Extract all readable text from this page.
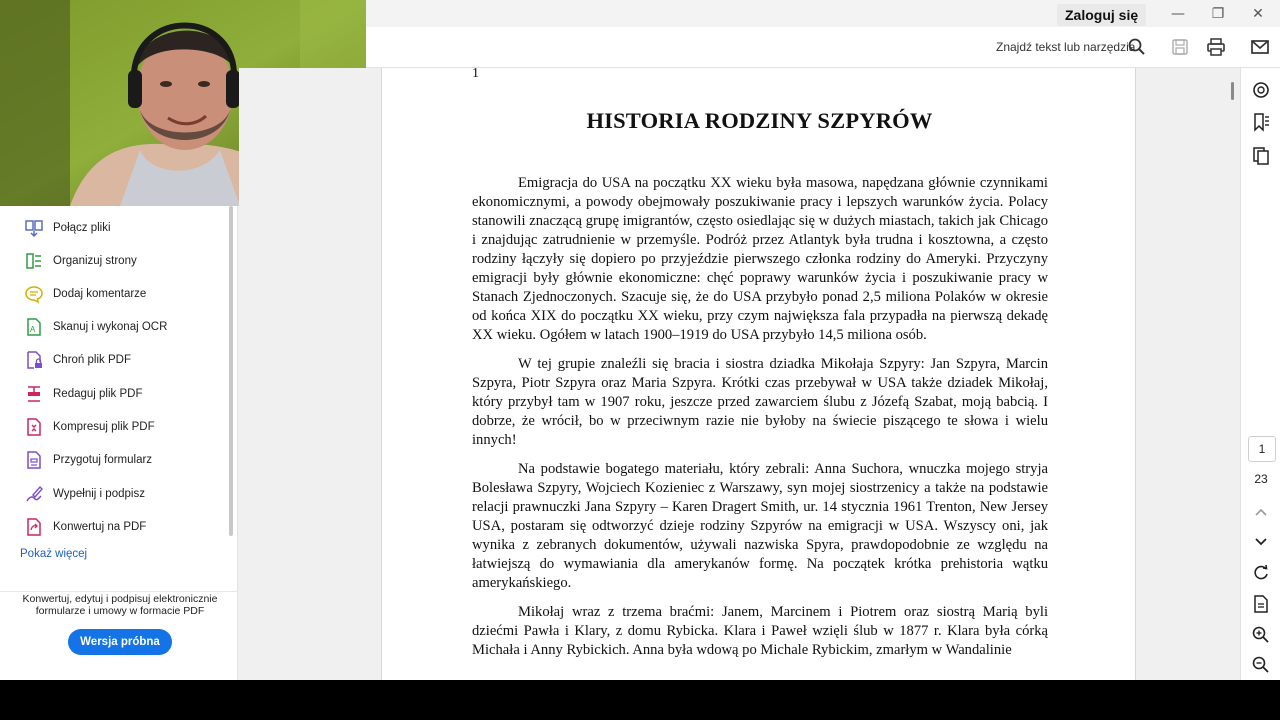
Zaloguj się	—	❐	✕
Znajdź tekst lub narzędzia
Połącz pliki
Organizuj strony
Dodaj komentarze
A Skanuj i wykonaj OCR
Chroń plik PDF
Redaguj plik PDF
Kompresuj plik PDF
Przygotuj formularz
Wypełnij i podpisz
Konwertuj na PDF
Pokaż więcej
Konwertuj, edytuj i podpisuj elektronicznie formularze i umowy w formacie PDF
Wersja próbna
1
HISTORIA RODZINY SZPYRÓW

Emigracja do USA na początku XX wieku była masowa, napędzana głównie czynnikami ekonomicznymi, a powody obejmowały poszukiwanie pracy i lepszych warunków życia. Polacy stanowili znaczącą grupę imigrantów, często osiedlając się w dużych miastach, takich jak Chicago i znajdując zatrudnienie w przemyśle. Podróż przez Atlantyk była trudna i kosztowna, a często rodziny łączyły się dopiero po przyjeździe pierwszego członka rodziny do Ameryki. Przyczyny emigracji były głównie ekonomiczne: chęć poprawy warunków życia i poszukiwanie pracy w Stanach Zjednoczonych. Szacuje się, że do USA przybyło ponad 2,5 miliona Polaków w okresie od końca XIX do początku XX wieku, przy czym największa fala przypadła na pierwszą dekadę XX wieku. Ogółem w latach 1900–1919 do USA przybyło 14,5 miliona osób.

W tej grupie znaleźli się bracia i siostra dziadka Mikołaja Szpyry: Jan Szpyra, Marcin Szpyra, Piotr Szpyra oraz Maria Szpyra. Krótki czas przebywał w USA także dziadek Mikołaj, który przybył tam w 1907 roku, jeszcze przed zawarciem ślubu z Józefą Szabat, moją babcią. I dobrze, że wrócił, bo w przeciwnym razie nie byłoby na świecie piszącego te słowa i wielu innych!

Na podstawie bogatego materiału, który zebrali: Anna Suchora, wnuczka mojego stryja Bolesława Szpyry, Wojciech Kozieniec z Warszawy, syn mojej siostrzenicy a także na podstawie relacji prawnuczki Jana Szpyry – Karen Dragert Smith, ur. 14 stycznia 1961 Trenton, New Jersey USA, postaram się odtworzyć dzieje rodziny Szpyrów na emigracji w USA. Wszyscy oni, jak wynika z zebranych dokumentów, używali nazwiska Spyra, prawdopodobnie ze względu na łatwiejszą do wymawiania dla amerykanów formę. Na początek krótka prehistoria wątku amerykańskiego.

Mikołaj wraz z trzema braćmi: Janem, Marcinem i Piotrem oraz siostrą Marią byli dziećmi Pawła i Klary, z domu Rybicka. Klara i Paweł wzięli ślub w 1877 r. Klara była córką Michała i Anny Rybickich. Anna była wdową po Michale Rybickim, zmarłym w Wandalinie

1
23
